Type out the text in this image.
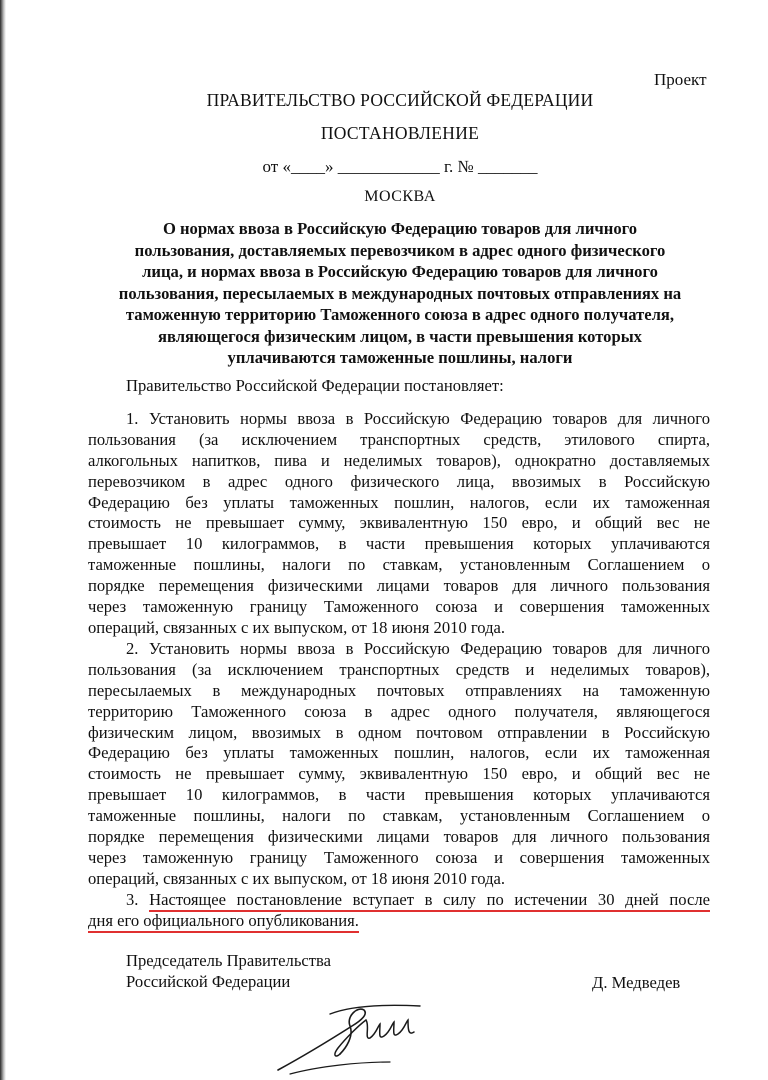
Проект
ПРАВИТЕЛЬСТВО РОССИЙСКОЙ ФЕДЕРАЦИИ
ПОСТАНОВЛЕНИЕ
от «____» ____________ г. № _______
МОСКВА
О нормах ввоза в Российскую Федерацию товаров для личного
пользования, доставляемых перевозчиком в адрес одного физического
лица, и нормах ввоза в Российскую Федерацию товаров для личного
пользования, пересылаемых в международных почтовых отправлениях на
таможенную территорию Таможенного союза в адрес одного получателя,
являющегося физическим лицом, в части превышения которых
уплачиваются таможенные пошлины, налоги
Правительство Российской Федерации постановляет:
1. Установить нормы ввоза в Российскую Федерацию товаров для личного
пользования (за исключением транспортных средств, этилового спирта,
алкогольных напитков, пива и неделимых товаров), однократно доставляемых
перевозчиком в адрес одного физического лица, ввозимых в Российскую
Федерацию без уплаты таможенных пошлин, налогов, если их таможенная
стоимость не превышает сумму, эквивалентную 150 евро, и общий вес не
превышает 10 килограммов, в части превышения которых уплачиваются
таможенные пошлины, налоги по ставкам, установленным Соглашением о
порядке перемещения физическими лицами товаров для личного пользования
через таможенную границу Таможенного союза и совершения таможенных
операций, связанных с их выпуском, от 18 июня 2010 года.
2. Установить нормы ввоза в Российскую Федерацию товаров для личного
пользования (за исключением транспортных средств и неделимых товаров),
пересылаемых в международных почтовых отправлениях на таможенную
территорию Таможенного союза в адрес одного получателя, являющегося
физическим лицом, ввозимых в одном почтовом отправлении в Российскую
Федерацию без уплаты таможенных пошлин, налогов, если их таможенная
стоимость не превышает сумму, эквивалентную 150 евро, и общий вес не
превышает 10 килограммов, в части превышения которых уплачиваются
таможенные пошлины, налоги по ставкам, установленным Соглашением о
порядке перемещения физическими лицами товаров для личного пользования
через таможенную границу Таможенного союза и совершения таможенных
операций, связанных с их выпуском, от 18 июня 2010 года.
3. Настоящее постановление вступает в силу по истечении 30 дней после
дня его официального опубликования.
Председатель Правительства
Российской Федерации	Д. Медведев
